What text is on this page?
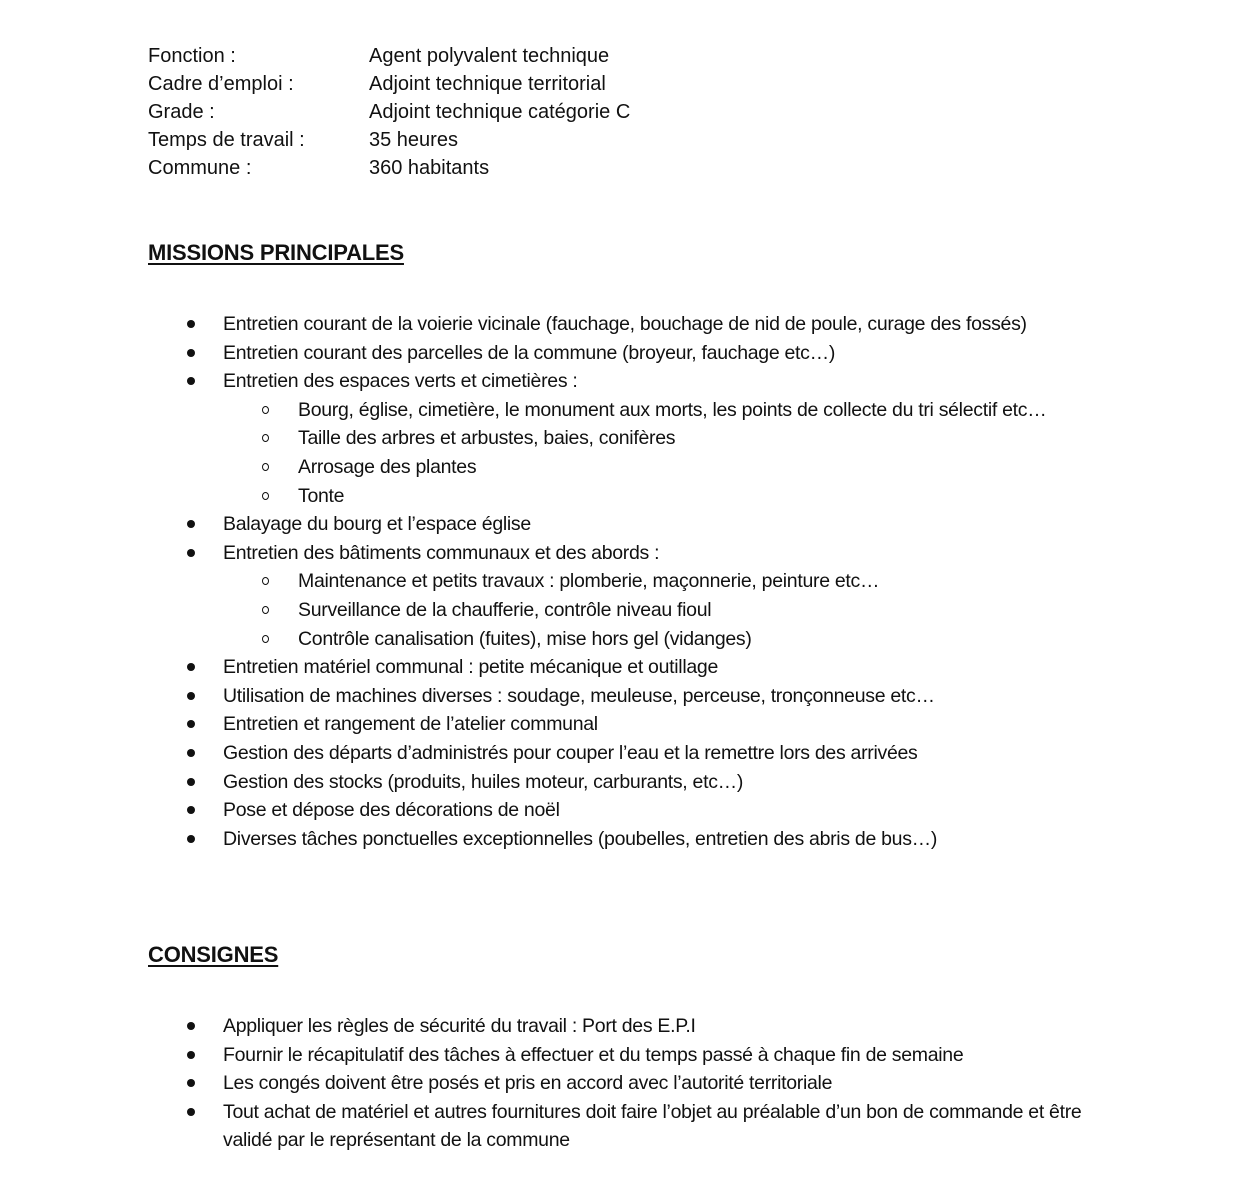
Fonction :	Agent polyvalent technique
Cadre d’emploi :	Adjoint technique territorial
Grade :	Adjoint technique catégorie C
Temps de travail :	35 heures
Commune :	360 habitants
MISSIONS PRINCIPALES
Entretien courant de la voierie vicinale (fauchage, bouchage de nid de poule, curage des fossés)
Entretien courant des parcelles de la commune (broyeur, fauchage etc…)
Entretien des espaces verts et cimetières :
Bourg, église, cimetière, le monument aux morts, les points de collecte du tri sélectif etc…
Taille des arbres et arbustes, baies, conifères
Arrosage des plantes
Tonte
Balayage du bourg et l’espace église
Entretien des bâtiments communaux et des abords :
Maintenance et petits travaux : plomberie, maçonnerie, peinture etc…
Surveillance de la chaufferie, contrôle niveau fioul
Contrôle canalisation (fuites), mise hors gel (vidanges)
Entretien matériel communal : petite mécanique et outillage
Utilisation de machines diverses : soudage, meuleuse, perceuse, tronçonneuse etc…
Entretien et rangement de l’atelier communal
Gestion des départs d’administrés pour couper l’eau et la remettre lors des arrivées
Gestion des stocks (produits, huiles moteur, carburants, etc…)
Pose et dépose des décorations de noël
Diverses tâches ponctuelles exceptionnelles (poubelles, entretien des abris de bus…)
CONSIGNES
Appliquer les règles de sécurité du travail : Port des E.P.I
Fournir le récapitulatif des tâches à effectuer et du temps passé à chaque fin de semaine
Les congés doivent être posés et pris en accord avec l’autorité territoriale
Tout achat de matériel et autres fournitures doit faire l’objet au préalable d’un bon de commande et être validé par le représentant de la commune
